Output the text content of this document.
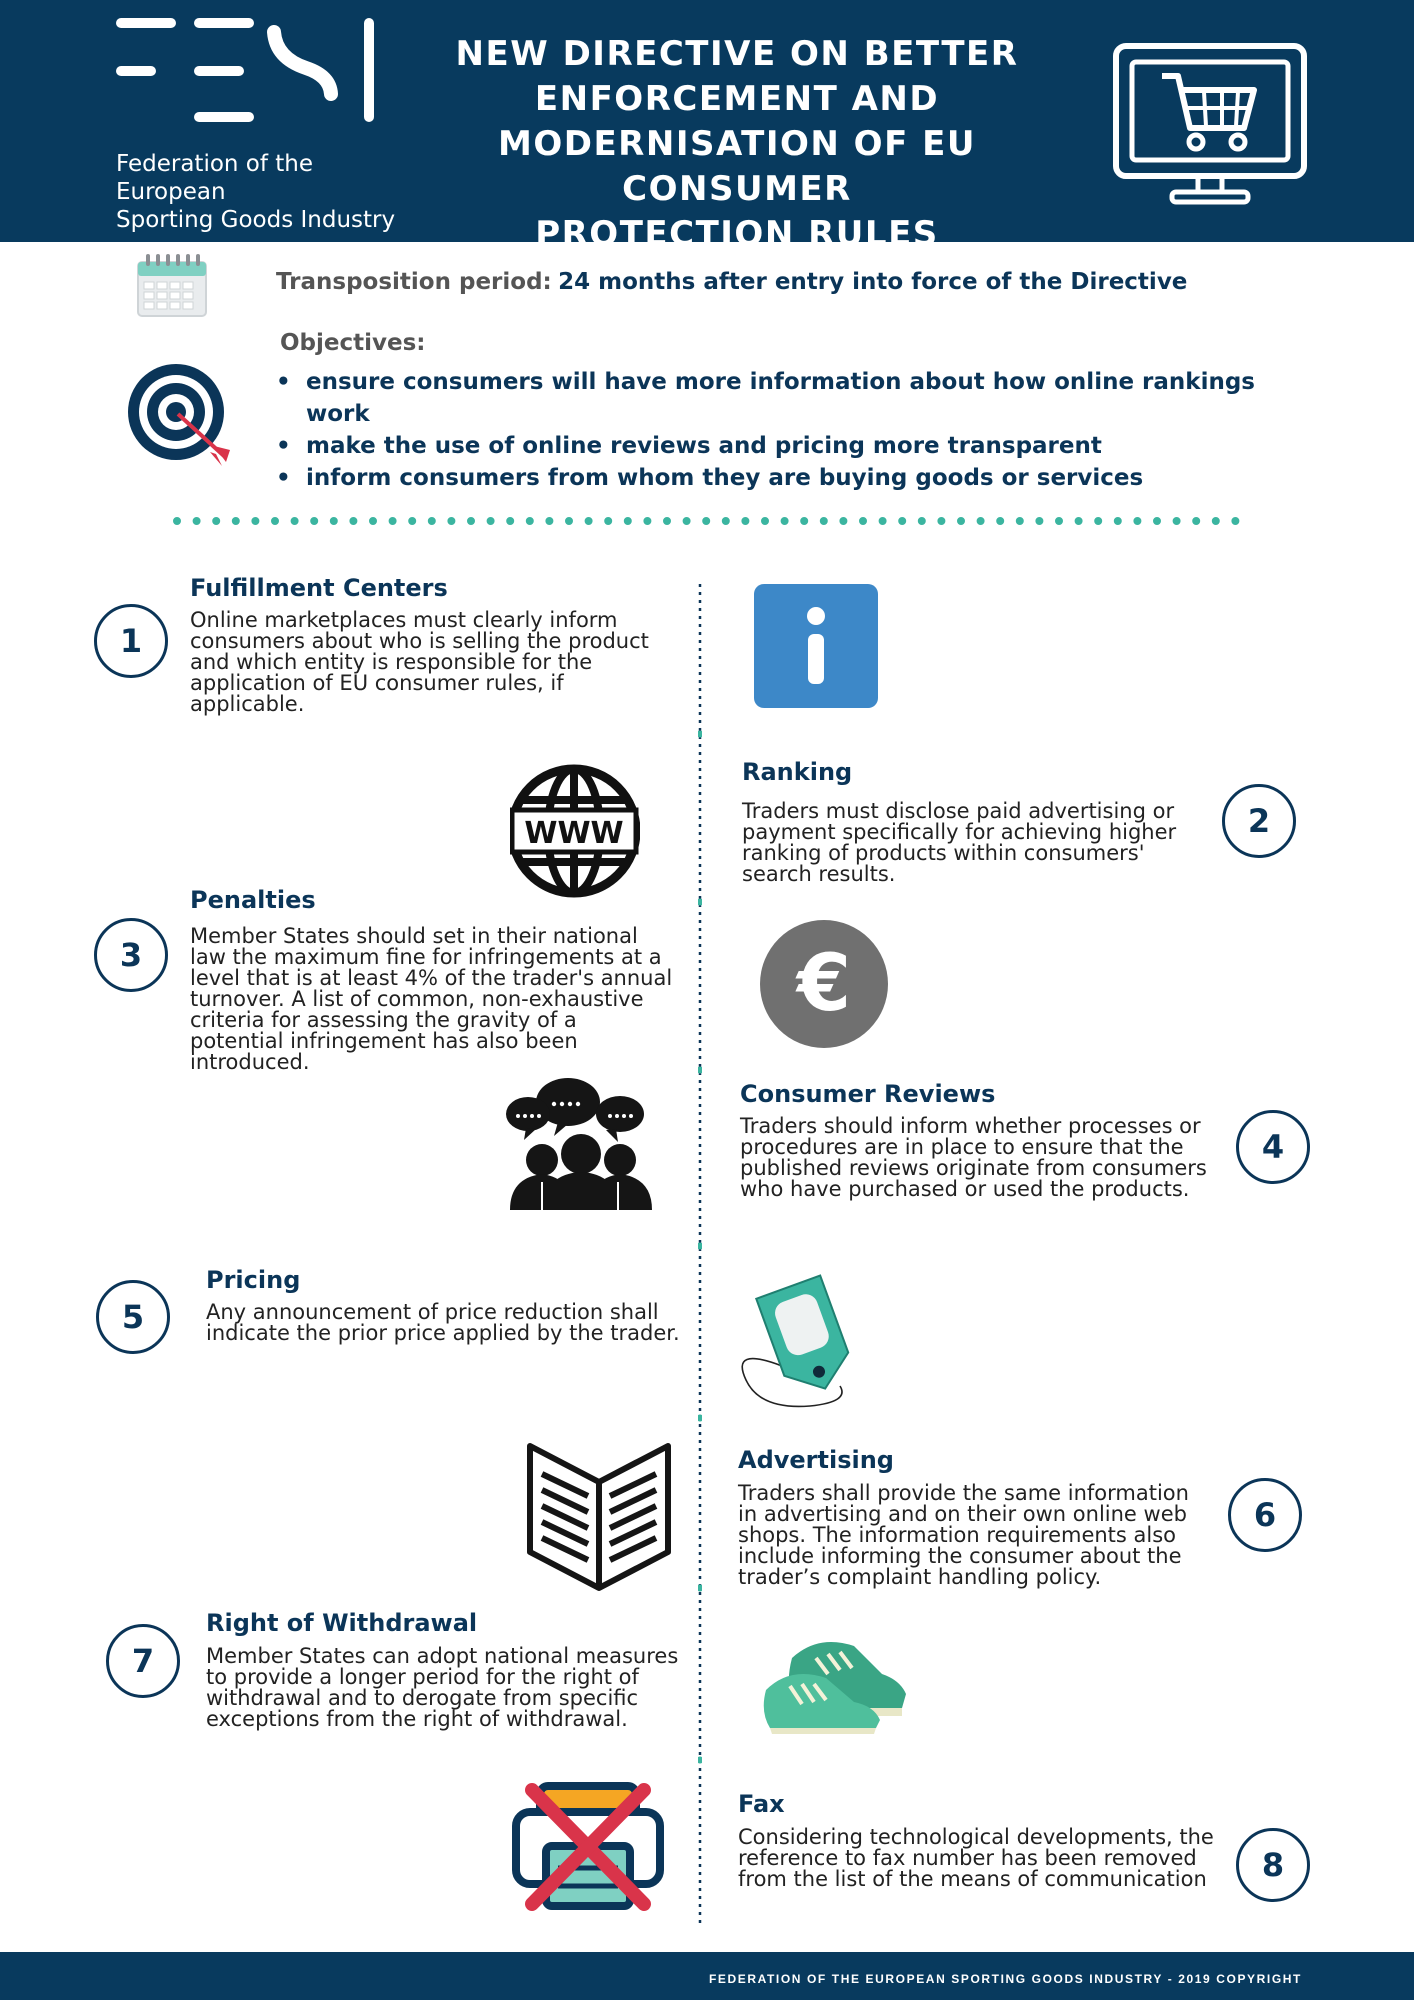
Federation of the European
Sporting Goods Industry
NEW DIRECTIVE ON BETTER
ENFORCEMENT AND
MODERNISATION OF EU CONSUMER
PROTECTION RULES
Transposition period: 24 months after entry into force of the Directive
Objectives:
• ensure consumers will have more information about how online rankings work
• make the use of online reviews and pricing more transparent
• inform consumers from whom they are buying goods or services
1
Fulfillment Centers
Online marketplaces must clearly inform
consumers about who is selling the product
and which entity is responsible for the
application of EU consumer rules, if
applicable.
WWW
Ranking
Traders must disclose paid advertising or
payment specifically for achieving higher
ranking of products within consumers'
search results.
2
Penalties
3	Member States should set in their national
law the maximum fine for infringements at a
level that is at least 4% of the trader's annual
turnover. A list of common, non-exhaustive
criteria for assessing the gravity of a
potential infringement has also been
introduced.
€
Consumer Reviews
Traders should inform whether processes or
procedures are in place to ensure that the
published reviews originate from consumers
who have purchased or used the products.
4
5
Pricing
Any announcement of price reduction shall
indicate the prior price applied by the trader.
Advertising
Traders shall provide the same information
in advertising and on their own online web
shops. The information requirements also
include informing the consumer about the
trader’s complaint handling policy.
6
Right of Withdrawal
7	Member States can adopt national measures
to provide a longer period for the right of
withdrawal and to derogate from specific
exceptions from the right of withdrawal.
Fax
Considering technological developments, the
reference to fax number has been removed
from the list of the means of communication	8
FEDERATION OF THE EUROPEAN SPORTING GOODS INDUSTRY - 2019 COPYRIGHT
